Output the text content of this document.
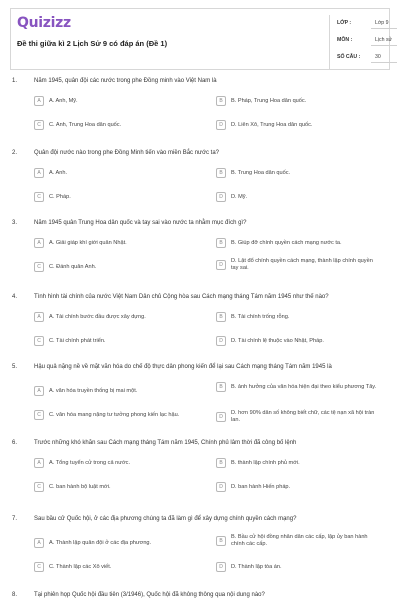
Quizizz
Đề thi giữa kì 2 Lịch Sử 9 có đáp án (Đề 1)
LỚP :	Lớp 9
MÔN :	Lịch sử
SỐ CÂU :	30
1.	Năm 1945, quân đội các nước trong phe Đồng minh vào Việt Nam là
A	A. Anh, Mỹ.	B	B. Pháp, Trung Hoa dân quốc.
C	C. Anh, Trung Hoa dân quốc.	D	D. Liên Xô, Trung Hoa dân quốc.
2.	Quân đội nước nào trong phe Đồng Minh tiến vào miền Bắc nước ta?
A	A. Anh.	B	B. Trung Hoa dân quốc.
C	C. Pháp.	D	D. Mỹ.
3.	Năm 1945 quân Trung Hoa dân quốc và tay sai vào nước ta nhằm mục đích gì?
A	A. Giải giáp khí giới quân Nhật.	B	B. Giúp đỡ chính quyền cách mạng nước ta.
C	C. Đánh quân Anh.	D
D. Lật đổ chính quyền cách mạng, thành lập chính quyền tay sai.
4.	Tình hình tài chính của nước Việt Nam Dân chủ Cộng hòa sau Cách mạng tháng Tám năm 1945 như thế nào?
A	A. Tài chính bước đầu được xây dựng.	B	B. Tài chính trống rỗng.
C	C. Tài chính phát triển.	D	D. Tài chính lệ thuộc vào Nhật, Pháp.
5.	Hậu quả nặng nề về mặt văn hóa do chế độ thực dân phong kiến để lại sau Cách mạng tháng Tám năm 1945 là
A	A. văn hóa truyền thống bị mai một.
B	B. ảnh hưởng của văn hóa hiện đại theo kiểu phương Tây.
C	C. văn hóa mang nặng tư tưởng phong kiến lạc hậu.	D
D. hơn 90% dân số không biết chữ, các tệ nạn xã hội tràn lan.
6.	Trước những khó khăn sau Cách mạng tháng Tám năm 1945, Chính phủ lâm thời đã công bố lệnh
A	A. Tổng tuyển cử trong cả nước.	B	B. thành lập chính phủ mới.
C	C. ban hành bộ luật mới.	D	D. ban hành Hiến pháp.
7.	Sau bầu cử Quốc hội, ở các địa phương chúng ta đã làm gì để xây dựng chính quyền cách mạng?
A	A. Thành lập quân đội ở các địa phương.	B
B. Bầu cử hội đồng nhân dân các cấp, lập ủy ban hành chính các cấp.
C	C. Thành lập các Xô viết.	D	D. Thành lập tòa án.
8.	Tại phiên họp Quốc hội đầu tiên (3/1946), Quốc hội đã không thông qua nội dung nào?
